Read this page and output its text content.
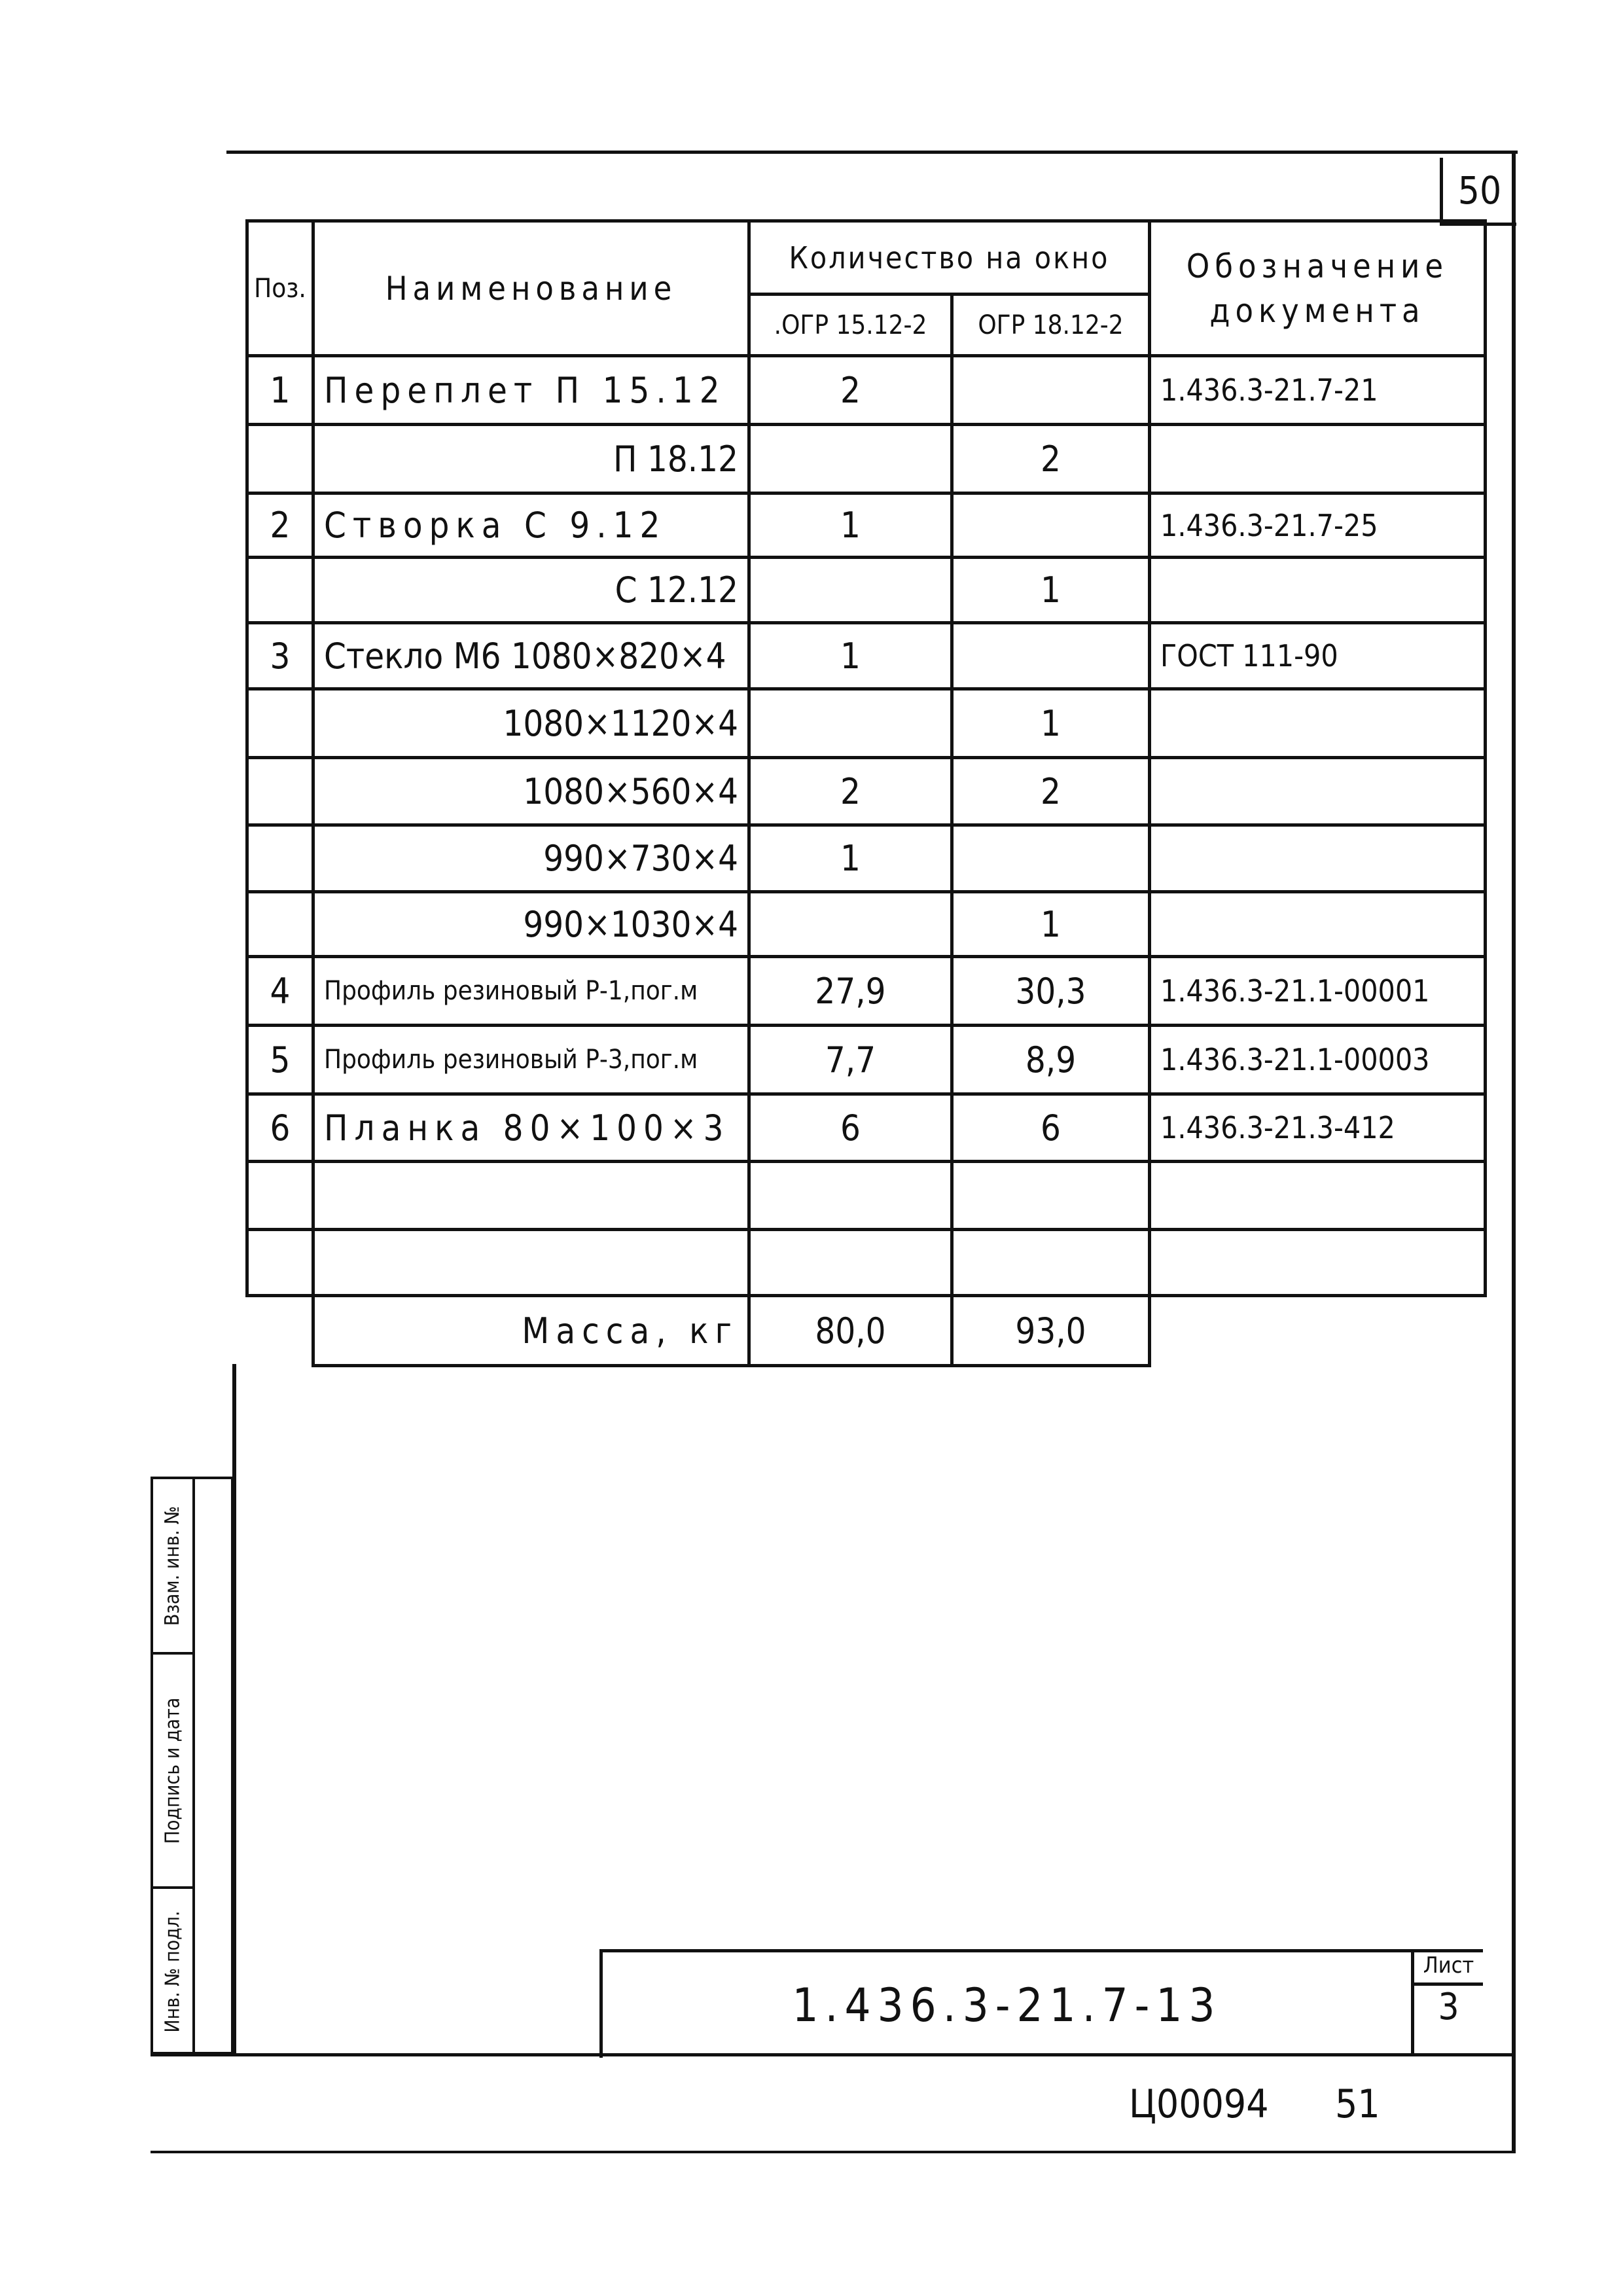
50
Поз.	Наименование	Количество на окно		Обозначение документа
		.ОГР 15.12-2	ОГР 18.12-2	
1	Переплет П 15.12	2		1.436.3-21.7-21
	П 18.12		2	
2	Створка С 9.12	1		1.436.3-21.7-25
	С 12.12		1	
3	Стекло М6 1080×820×4	1		ГОСТ 111-90
	1080×1120×4		1	
	1080×560×4	2	2	
	990×730×4	1		
	990×1030×4		1	
4	Профиль резиновый Р-1,пог.м	27,9	30,3	1.436.3-21.1-00001
5	Профиль резиновый Р-3,пог.м	7,7	8,9	1.436.3-21.1-00003
6	Планка 80×100×3	6	6	1.436.3-21.3-412

	Масса, кг	80,0	93,0	
1.436.3-21.7-13
Лист
3
Взам. инв. №
Подпись и дата
Инв. № подл.
Ц00094 51
